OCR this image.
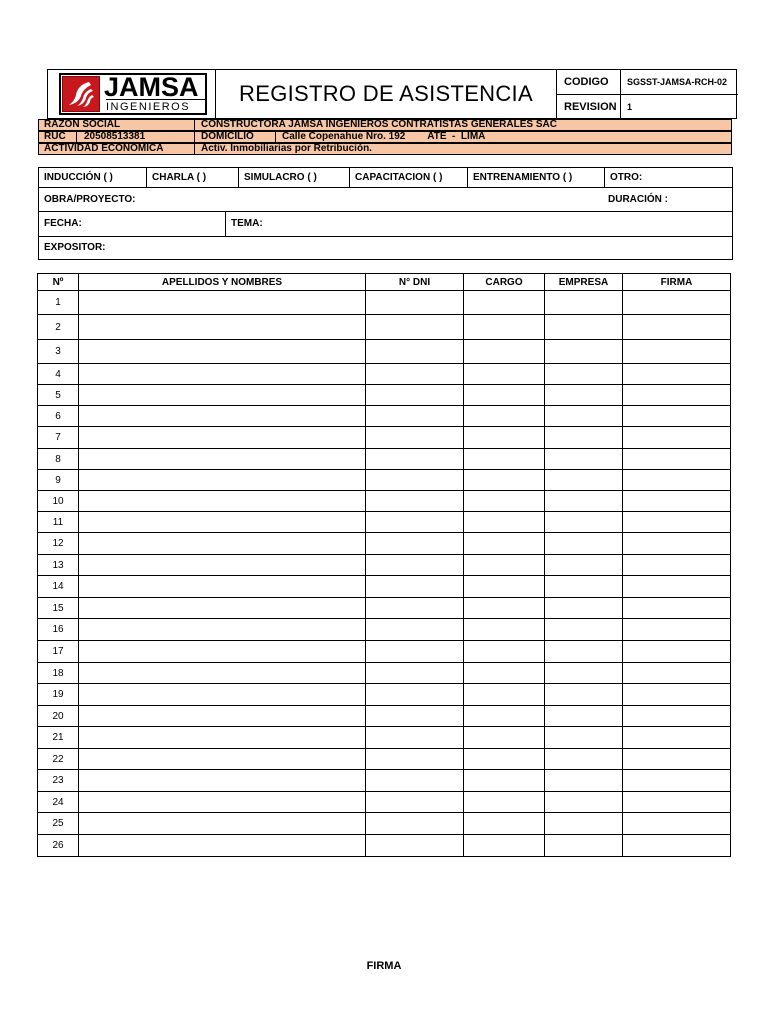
JAMSA
INGENIEROS
REGISTRO DE ASISTENCIA	CODIGO	SGSST-JAMSA-RCH-02
REVISION	1
RAZON SOCIAL	CONSTRUCTORA JAMSA INGENIEROS CONTRATISTAS GENERALES SAC
RUC	20508513381	DOMICILIO	Calle Copenahue Nro. 192        ATE  -  LIMA
ACTIVIDAD ECONOMICA	Activ. Inmobiliarias por Retribución.
INDUCCIÓN ( )	CHARLA ( )	SIMULACRO ( )	CAPACITACION ( )	ENTRENAMIENTO ( )	OTRO:
OBRA/PROYECTO:	DURACIÓN :
FECHA:	TEMA:
EXPOSITOR:
Nº	APELLIDOS Y NOMBRES	N° DNI	CARGO	EMPRESA	FIRMA
1					
2					
3					
4					
5					
6					
7					
8					
9					
10					
11					
12					
13					
14					
15					
16					
17					
18					
19					
20					
21					
22					
23					
24					
25					
26					
FIRMA
